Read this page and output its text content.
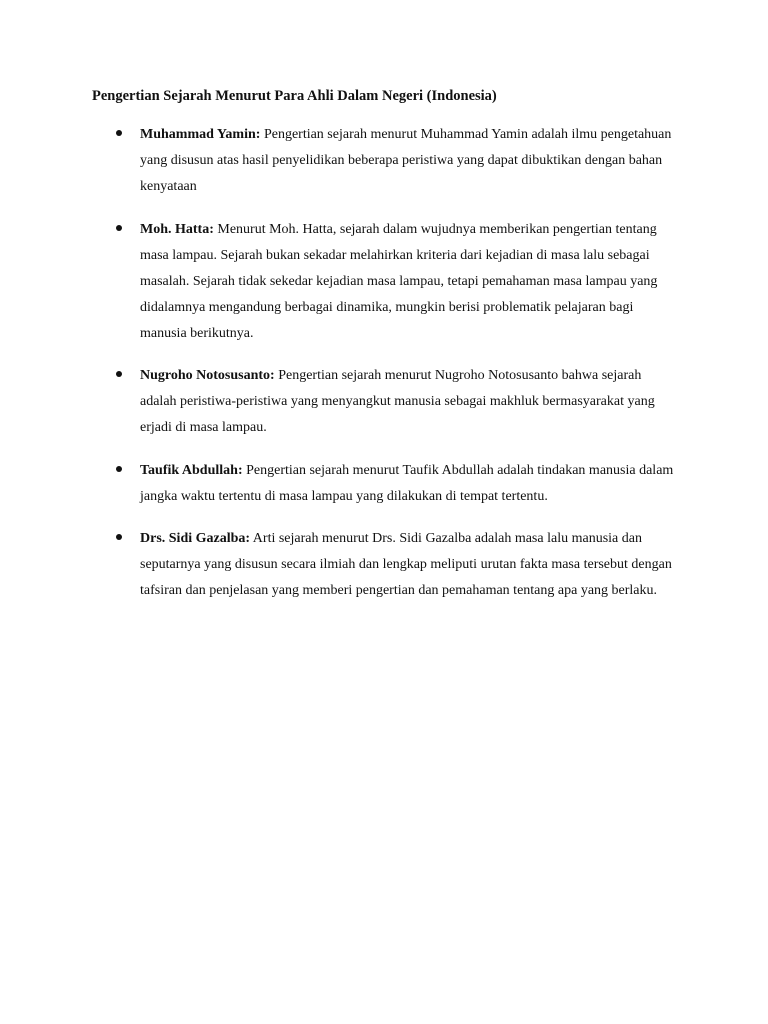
Pengertian Sejarah Menurut Para Ahli Dalam Negeri (Indonesia)
Muhammad Yamin: Pengertian sejarah menurut Muhammad Yamin adalah ilmu pengetahuan yang disusun atas hasil penyelidikan beberapa peristiwa yang dapat dibuktikan dengan bahan kenyataan
Moh. Hatta: Menurut Moh. Hatta, sejarah dalam wujudnya memberikan pengertian tentang masa lampau. Sejarah bukan sekadar melahirkan kriteria dari kejadian di masa lalu sebagai masalah. Sejarah tidak sekedar kejadian masa lampau, tetapi pemahaman masa lampau yang didalamnya mengandung berbagai dinamika, mungkin berisi problematik pelajaran bagi manusia berikutnya.
Nugroho Notosusanto: Pengertian sejarah menurut Nugroho Notosusanto bahwa sejarah adalah peristiwa-peristiwa yang menyangkut manusia sebagai makhluk bermasyarakat yang erjadi di masa lampau.
Taufik Abdullah: Pengertian sejarah menurut Taufik Abdullah adalah tindakan manusia dalam jangka waktu tertentu di masa lampau yang dilakukan di tempat tertentu.
Drs. Sidi Gazalba: Arti sejarah menurut Drs. Sidi Gazalba adalah masa lalu manusia dan seputarnya yang disusun secara ilmiah dan lengkap meliputi urutan fakta masa tersebut dengan tafsiran dan penjelasan yang memberi pengertian dan pemahaman tentang apa yang berlaku.
